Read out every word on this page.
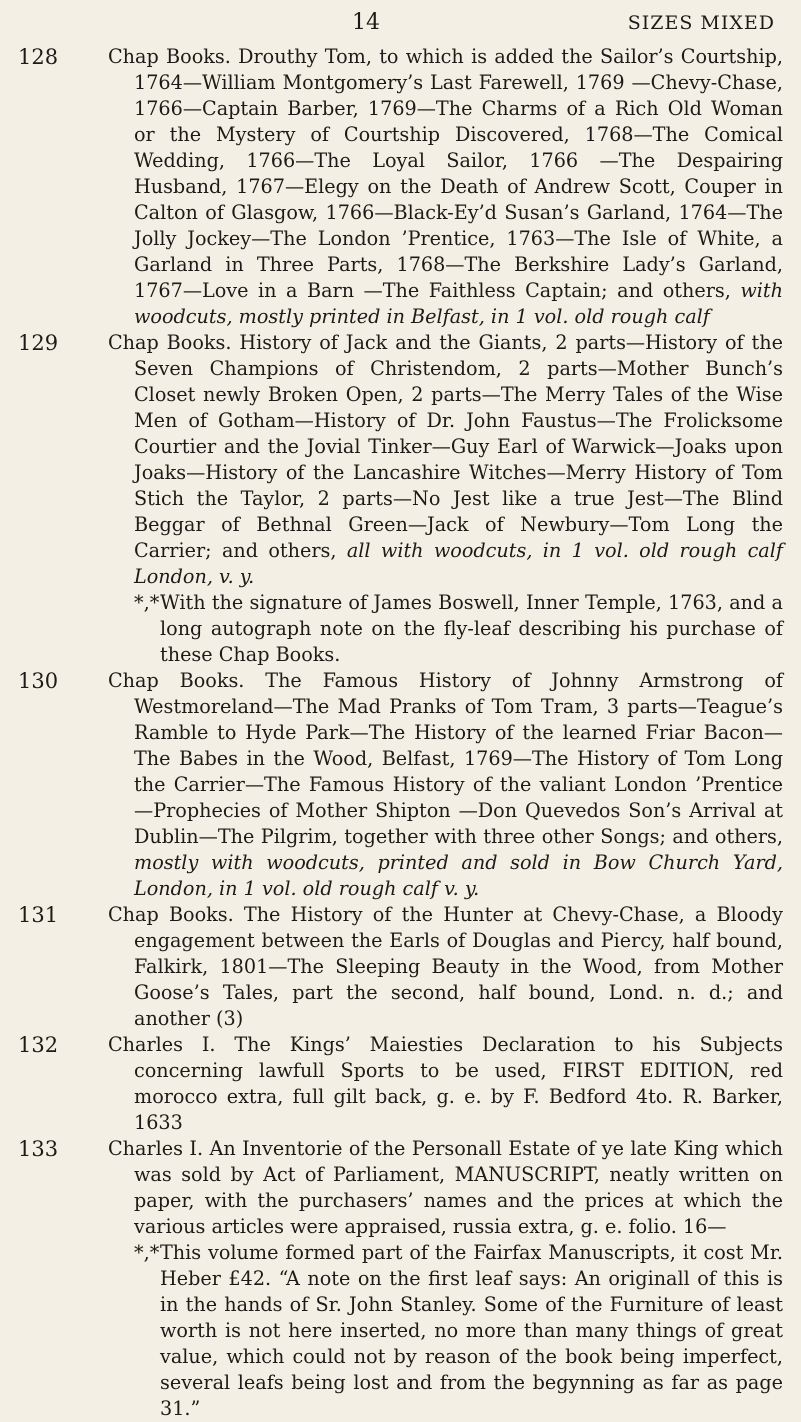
14	SIZES MIXED
128	Chap Books. Drouthy Tom, to which is added the Sailor’s Courtship, 1764—William Montgomery’s Last Farewell, 1769 —Chevy-Chase, 1766—Captain Barber, 1769—The Charms of a Rich Old Woman or the Mystery of Courtship Discovered, 1768—The Comical Wedding, 1766—The Loyal Sailor, 1766 —The Despairing Husband, 1767—Elegy on the Death of Andrew Scott, Couper in Calton of Glasgow, 1766—Black-Ey’d Susan’s Garland, 1764—The Jolly Jockey—The London ’Prentice, 1763—The Isle of White, a Garland in Three Parts, 1768—The Berkshire Lady’s Garland, 1767—Love in a Barn —The Faithless Captain; and others, with woodcuts, mostly printed in Belfast, in 1 vol. old rough calf
129	Chap Books. History of Jack and the Giants, 2 parts—History of the Seven Champions of Christendom, 2 parts—Mother Bunch’s Closet newly Broken Open, 2 parts—The Merry Tales of the Wise Men of Gotham—History of Dr. John Faustus—The Frolicksome Courtier and the Jovial Tinker—Guy Earl of Warwick—Joaks upon Joaks—History of the Lancashire Witches—Merry History of Tom Stich the Taylor, 2 parts—No Jest like a true Jest—The Blind Beggar of Bethnal Green—Jack of Newbury—Tom Long the Carrier; and others, all with woodcuts, in 1 vol. old rough calf London, v. y.
*,*With the signature of James Boswell, Inner Temple, 1763, and a long autograph note on the fly-leaf describing his purchase of these Chap Books.
130	Chap Books. The Famous History of Johnny Armstrong of Westmoreland—The Mad Pranks of Tom Tram, 3 parts—Teague’s Ramble to Hyde Park—The History of the learned Friar Bacon—The Babes in the Wood, Belfast, 1769—The History of Tom Long the Carrier—The Famous History of the valiant London ’Prentice—Prophecies of Mother Shipton —Don Quevedos Son’s Arrival at Dublin—The Pilgrim, together with three other Songs; and others, mostly with woodcuts, printed and sold in Bow Church Yard, London, in 1 vol. old rough calf v. y.
131	Chap Books. The History of the Hunter at Chevy-Chase, a Bloody engagement between the Earls of Douglas and Piercy, half bound, Falkirk, 1801—The Sleeping Beauty in the Wood, from Mother Goose’s Tales, part the second, half bound, Lond. n. d.; and another (3)
132	Charles I. The Kings’ Maiesties Declaration to his Subjects concerning lawfull Sports to be used, FIRST EDITION, red morocco extra, full gilt back, g. e. by F. Bedford 4to. R. Barker, 1633
133	Charles I. An Inventorie of the Personall Estate of ye late King which was sold by Act of Parliament, MANUSCRIPT, neatly written on paper, with the purchasers’ names and the prices at which the various articles were appraised, russia extra, g. e. folio. 16—
*,*This volume formed part of the Fairfax Manuscripts, it cost Mr. Heber £42. “A note on the first leaf says: An originall of this is in the hands of Sr. John Stanley. Some of the Furniture of least worth is not here inserted, no more than many things of great value, which could not by reason of the book being imperfect, several leafs being lost and from the begynning as far as page 31.”
